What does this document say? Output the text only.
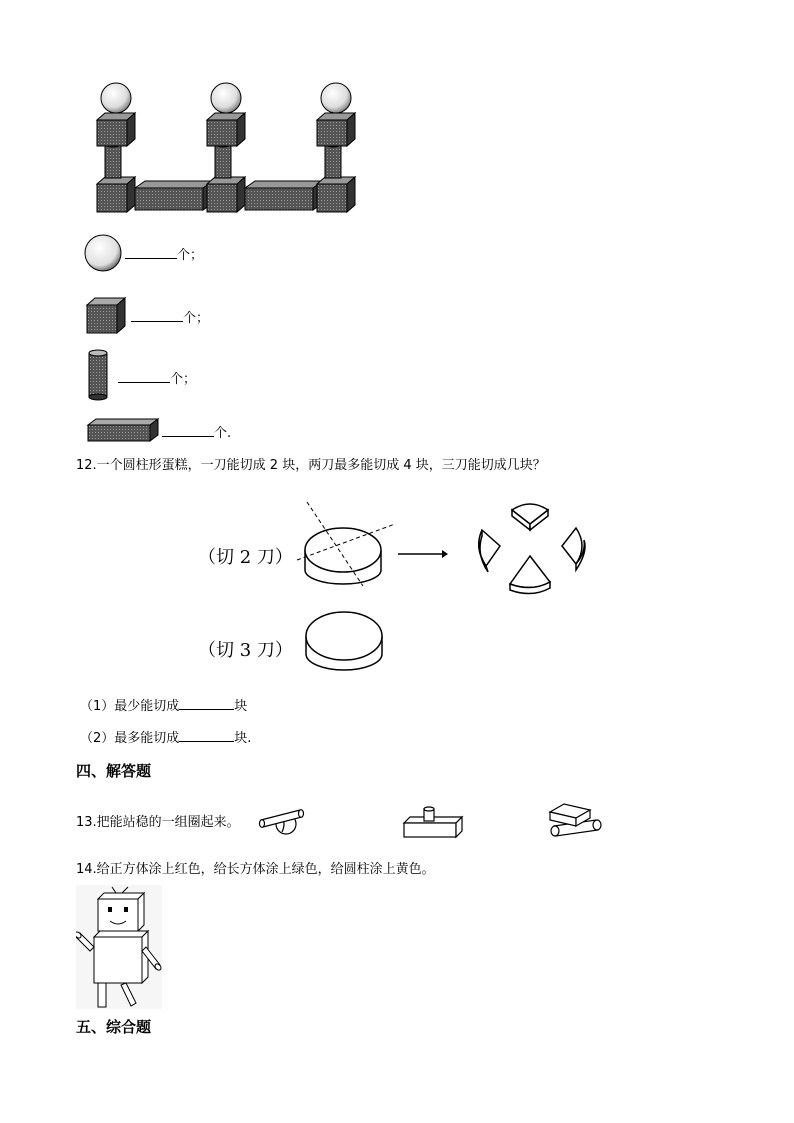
个；
个；
个；
个.
12.一个圆柱形蛋糕，一刀能切成 2 块，两刀最多能切成 4 块，三刀能切成几块？
（切 2 刀）
（切 3 刀）
（1）最少能切成	块
（2）最多能切成	块.
四、解答题
13.把能站稳的一组圈起来。
14.给正方体涂上红色，给长方体涂上绿色，给圆柱涂上黄色。
五、综合题
